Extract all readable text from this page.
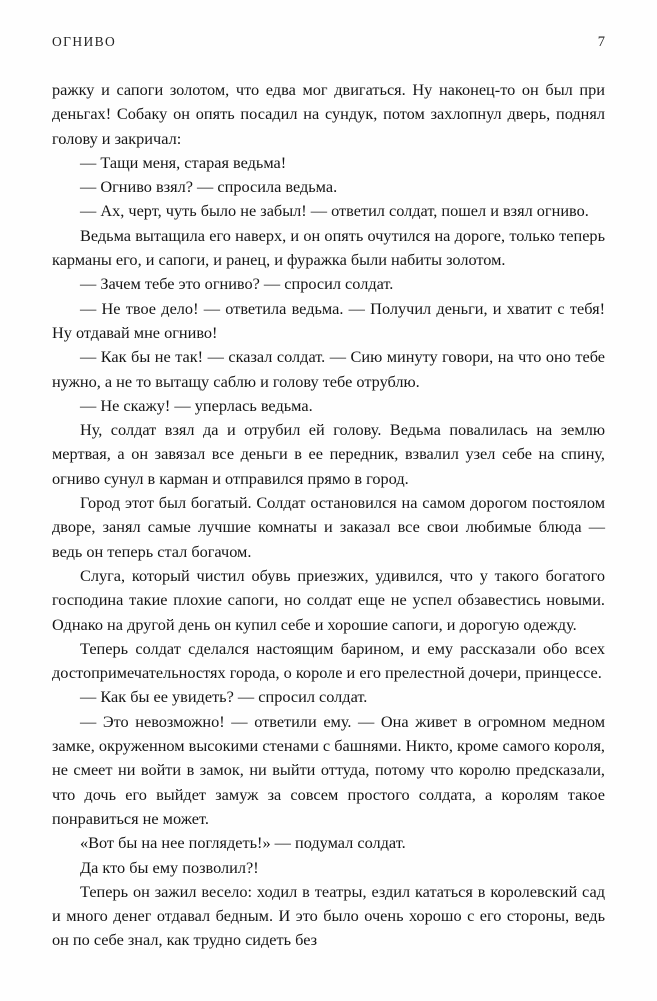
ОГНИВО	7

ражку и сапоги золотом, что едва мог двигаться. Ну наконец-то он был при деньгах! Собаку он опять посадил на сундук, потом захлопнул дверь, поднял голову и закричал:

— Тащи меня, старая ведьма!

— Огниво взял? — спросила ведьма.

— Ах, черт, чуть было не забыл! — ответил солдат, пошел и взял огниво.

Ведьма вытащила его наверх, и он опять очутился на дороге, только теперь карманы его, и сапоги, и ранец, и фуражка были набиты золотом.

— Зачем тебе это огниво? — спросил солдат.

— Не твое дело! — ответила ведьма. — Получил деньги, и хватит с тебя! Ну отдавай мне огниво!

— Как бы не так! — сказал солдат. — Сию минуту говори, на что оно тебе нужно, а не то вытащу саблю и голову тебе отрублю.

— Не скажу! — уперлась ведьма.

Ну, солдат взял да и отрубил ей голову. Ведьма повалилась на землю мертвая, а он завязал все деньги в ее передник, взвалил узел себе на спину, огниво сунул в карман и отправился прямо в город.

Город этот был богатый. Солдат остановился на самом дорогом постоялом дворе, занял самые лучшие комнаты и заказал все свои любимые блюда — ведь он теперь стал богачом.

Слуга, который чистил обувь приезжих, удивился, что у такого богатого господина такие плохие сапоги, но солдат еще не успел обзавестись новыми. Однако на другой день он купил себе и хорошие сапоги, и дорогую одежду.

Теперь солдат сделался настоящим барином, и ему рассказали обо всех достопримечательностях города, о короле и его прелестной дочери, принцессе.

— Как бы ее увидеть? — спросил солдат.

— Это невозможно! — ответили ему. — Она живет в огромном медном замке, окруженном высокими стенами с башнями. Никто, кроме самого короля, не смеет ни войти в замок, ни выйти оттуда, потому что королю предсказали, что дочь его выйдет замуж за совсем простого солдата, а королям такое понравиться не может.

«Вот бы на нее поглядеть!» — подумал солдат.

Да кто бы ему позволил?!

Теперь он зажил весело: ходил в театры, ездил кататься в королевский сад и много денег отдавал бедным. И это было очень хорошо с его стороны, ведь он по себе знал, как трудно сидеть без
